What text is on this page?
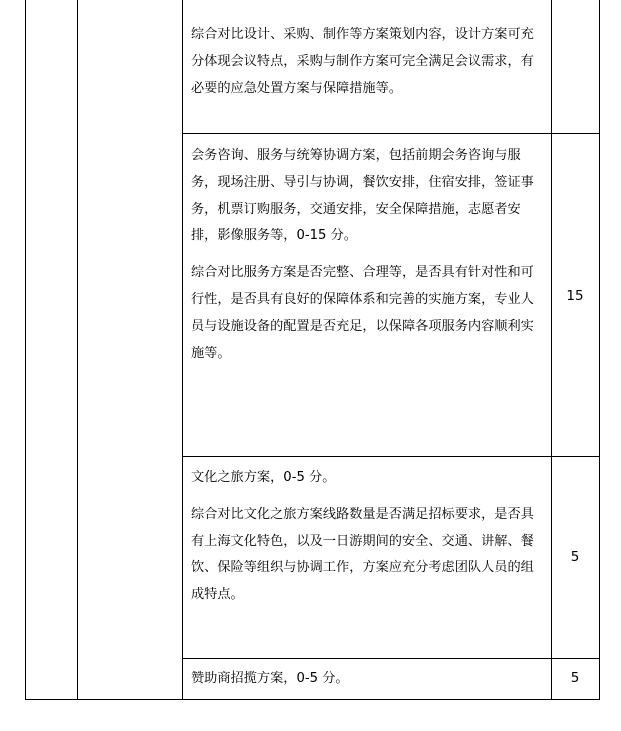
综合对比设计、采购、制作等方案策划内容，设计方案可充分体现会议特点，采购与制作方案可完全满足会议需求，有必要的应急处置方案与保障措施等。

会务咨询、服务与统筹协调方案，包括前期会务咨询与服务，现场注册、导引与协调，餐饮安排，住宿安排，签证事务，机票订购服务，交通安排，安全保障措施，志愿者安排，影像服务等，0-15 分。

综合对比服务方案是否完整、合理等，是否具有针对性和可行性，是否具有良好的保障体系和完善的实施方案，专业人员与设施设备的配置是否充足，以保障各项服务内容顺利实施等。

15

文化之旅方案，0-5 分。

综合对比文化之旅方案线路数量是否满足招标要求，是否具有上海文化特色，以及一日游期间的安全、交通、讲解、餐饮、保险等组织与协调工作，方案应充分考虑团队人员的组成特点。

5

赞助商招揽方案，0-5 分。	5
